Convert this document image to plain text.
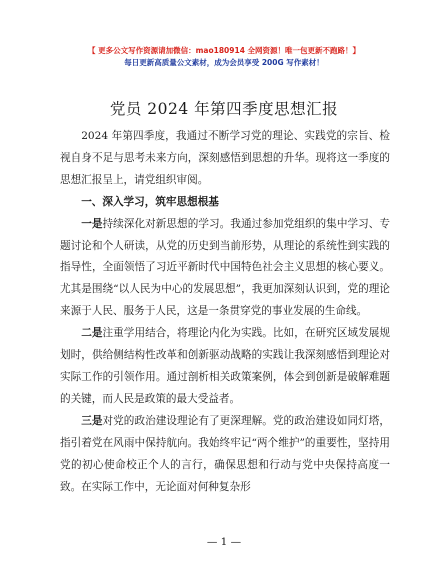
【 更多公文写作资源请加微信：mao180914 全网资源！唯一包更新不跑路！】
每日更新高质量公文素材，成为会员享受 200G 写作素材！
党员 2024 年第四季度思想汇报

2024 年第四季度，我通过不断学习党的理论、实践党的宗旨、检视自身不足与思考未来方向，深刻感悟到思想的升华。现将这一季度的思想汇报呈上，请党组织审阅。

一、深入学习，筑牢思想根基

一是持续深化对新思想的学习。我通过参加党组织的集中学习、专题讨论和个人研读，从党的历史到当前形势，从理论的系统性到实践的指导性，全面领悟了习近平新时代中国特色社会主义思想的核心要义。尤其是围绕“以人民为中心的发展思想”，我更加深刻认识到，党的理论来源于人民、服务于人民，这是一条贯穿党的事业发展的生命线。

二是注重学用结合，将理论内化为实践。比如，在研究区域发展规划时，供给侧结构性改革和创新驱动战略的实践让我深刻感悟到理论对实际工作的引领作用。通过剖析相关政策案例，体会到创新是破解难题的关键，而人民是政策的最大受益者。

三是对党的政治建设理论有了更深理解。党的政治建设如同灯塔，指引着党在风雨中保持航向。我始终牢记“两个维护”的重要性，坚持用党的初心使命校正个人的言行，确保思想和行动与党中央保持高度一致。在实际工作中，无论面对何种复杂形

— 1 —
